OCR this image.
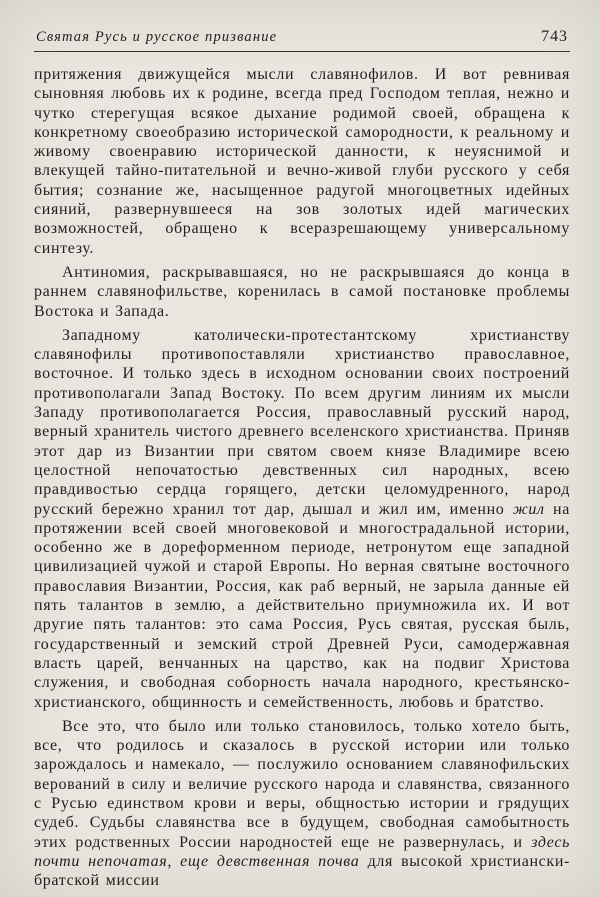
Святая Русь и русское призвание	743

притяжения движущейся мысли славянофилов. И вот ревнивая сыновняя любовь их к родине, всегда пред Господом теплая, нежно и чутко стерегущая всякое дыхание родимой своей, обращена к конкретному своеобразию исторической самородности, к реальному и живому своенравию исторической данности, к неуяснимой и влекущей тайно-питательной и вечно-живой глуби русского у себя бытия; сознание же, насыщенное радугой многоцветных идейных сияний, развернувшееся на зов золотых идей магических возможностей, обращено к всеразрешающему универсальному синтезу.

Антиномия, раскрывавшаяся, но не раскрывшаяся до конца в раннем славянофильстве, коренилась в самой постановке проблемы Востока и Запада.

Западному католически-протестантскому христианству славянофилы противопоставляли христианство православное, восточное. И только здесь в исходном основании своих построений противополагали Запад Востоку. По всем другим линиям их мысли Западу противополагается Россия, православный русский народ, верный хранитель чистого древнего вселенского христианства. Приняв этот дар из Византии при святом своем князе Владимире всею целостной непочатостью девственных сил народных, всею правдивостью сердца горящего, детски целомудренного, народ русский бережно хранил тот дар, дышал и жил им, именно жил на протяжении всей своей многовековой и многострадальной истории, особенно же в дореформенном периоде, нетронутом еще западной цивилизацией чужой и старой Европы. Но верная святыне восточного православия Византии, Россия, как раб верный, не зарыла данные ей пять талантов в землю, а действительно приумножила их. И вот другие пять талантов: это сама Россия, Русь святая, русская быль, государственный и земский строй Древней Руси, самодержавная власть царей, венчанных на царство, как на подвиг Христова служения, и свободная соборность начала народного, крестьянско-христианского, общинность и семейственность, любовь и братство.

Все это, что было или только становилось, только хотело быть, все, что родилось и сказалось в русской истории или только зарождалось и намекало, — послужило основанием славянофильских верований в силу и величие русского народа и славянства, связанного с Русью единством крови и веры, общностью истории и грядущих судеб. Судьбы славянства все в будущем, свободная самобытность этих родственных России народностей еще не развернулась, и здесь почти непочатая, еще девственная почва для высокой христиански-братской миссии
